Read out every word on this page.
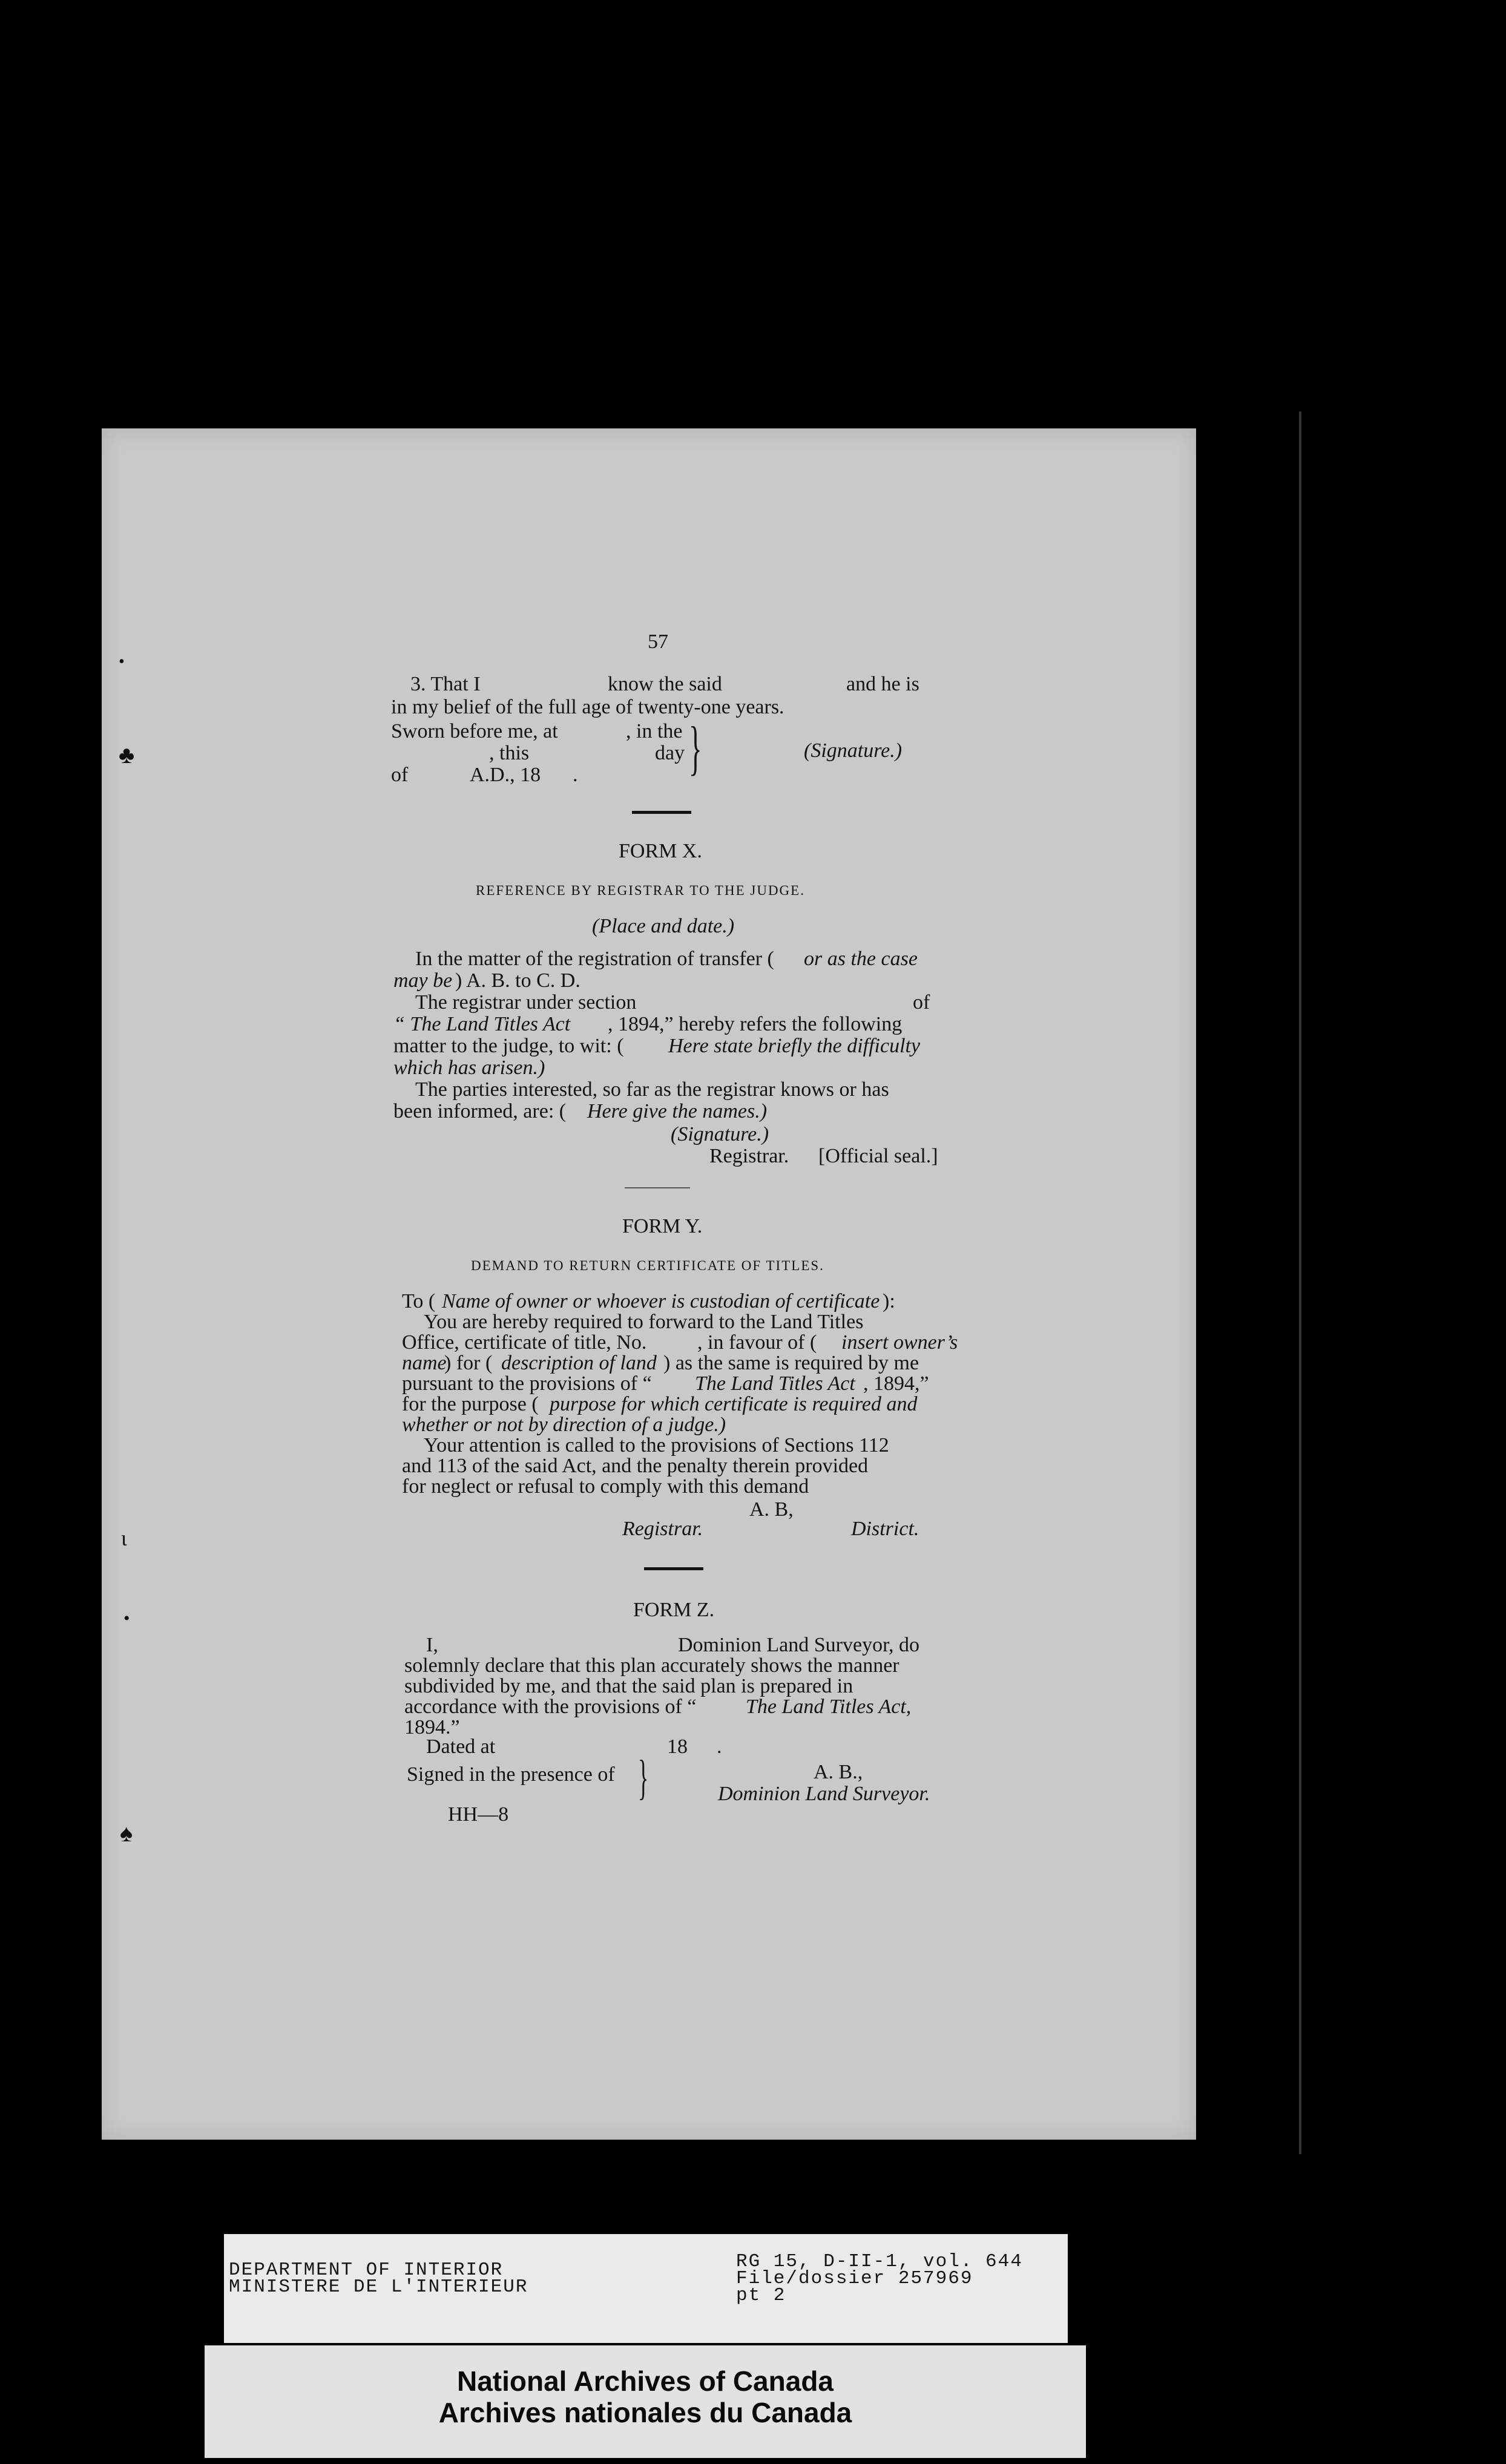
•
♣
ɩ
•
♠
57
3. That I	know the said	and he is
in my belief of the full age of twenty-one years.
Sworn before me, at	, in the
, this	day
of	A.D., 18 . }	(Signature.)
FORM X.
REFERENCE BY REGISTRAR TO THE JUDGE.
(Place and date.)
In the matter of the registration of transfer ( or as the case
may be ) A. B. to C. D.
The registrar under section	of
“ The Land Titles Act , 1894,” hereby refers the following
matter to the judge, to wit: ( Here state briefly the difficulty
which has arisen.)
The parties interested, so far as the registrar knows or has
been informed, are: ( Here give the names.)
(Signature.)
Registrar. [Official seal.]
FORM Y.
DEMAND TO RETURN CERTIFICATE OF TITLES.
To ( Name of owner or whoever is custodian of certificate ):
You are hereby required to forward to the Land Titles
Office, certificate of title, No. , in favour of ( insert owner’s
name
) for ( description of land ) as the same is required by me
pursuant to the provisions of “ The Land Titles Act , 1894,”
for the purpose ( purpose for which certificate is required and
whether or not by direction of a judge.)
Your attention is called to the provisions of Sections 112
and 113 of the said Act, and the penalty therein provided
for neglect or refusal to comply with this demand
A. B,
Registrar.	District.
FORM Z.
I,	Dominion Land Surveyor, do
solemnly declare that this plan accurately shows the manner
subdivided by me, and that the said plan is prepared in
accordance with the provisions of “ The Land Titles Act,
1894.”
Dated at	18 .
Signed in the presence of }	A. B.,
Dominion Land Surveyor.
HH—8
DEPARTMENT OF INTERIOR
MINISTERE DE L'INTERIEUR
RG 15, D-II-1, vol. 644
File/dossier 257969
pt 2
National Archives of Canada
Archives nationales du Canada
